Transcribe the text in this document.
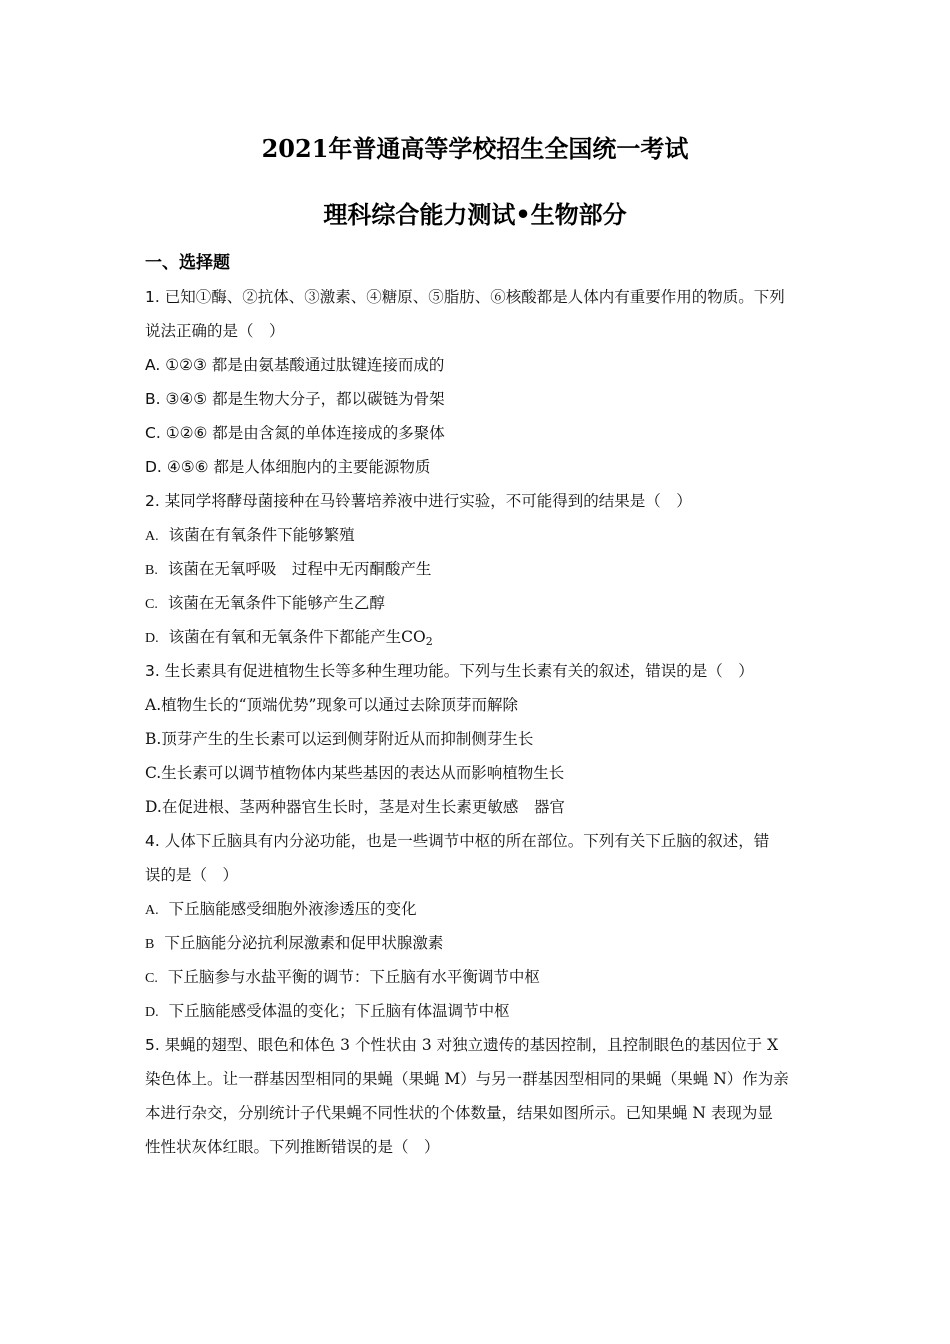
2021年普通高等学校招生全国统一考试
理科综合能力测试•生物部分
一、选择题
1. 已知①酶、②抗体、③激素、④糖原、⑤脂肪、⑥核酸都是人体内有重要作用的物质。下列
说法正确的是（　）
A. ①②③ 都是由氨基酸通过肽键连接而成的
B. ③④⑤ 都是生物大分子，都以碳链为骨架
C. ①②⑥ 都是由含氮的单体连接成的多聚体
D. ④⑤⑥ 都是人体细胞内的主要能源物质
2. 某同学将酵母菌接种在马铃薯培养液中进行实验，不可能得到的结果是（　）
A. 该菌在有氧条件下能够繁殖
B. 该菌在无氧呼吸　过程中无丙酮酸产生
C. 该菌在无氧条件下能够产生乙醇
D. 该菌在有氧和无氧条件下都能产生$CO_2$
3. 生长素具有促进植物生长等多种生理功能。下列与生长素有关的叙述，错误的是（　）
A.植物生长的“顶端优势”现象可以通过去除顶芽而解除
B.顶芽产生的生长素可以运到侧芽附近从而抑制侧芽生长
C.生长素可以调节植物体内某些基因的表达从而影响植物生长
D.在促进根、茎两种器官生长时，茎是对生长素更敏感　器官
4. 人体下丘脑具有内分泌功能，也是一些调节中枢的所在部位。下列有关下丘脑的叙述，错
误的是（　）
A. 下丘脑能感受细胞外液渗透压的变化
B 下丘脑能分泌抗利尿激素和促甲状腺激素
C. 下丘脑参与水盐平衡的调节：下丘脑有水平衡调节中枢
D. 下丘脑能感受体温的变化；下丘脑有体温调节中枢
5. 果蝇的翅型、眼色和体色 3 个性状由 3 对独立遗传的基因控制，且控制眼色的基因位于 X
染色体上。让一群基因型相同的果蝇（果蝇 M）与另一群基因型相同的果蝇（果蝇 N）作为亲
本进行杂交，分别统计子代果蝇不同性状的个体数量，结果如图所示。已知果蝇 N 表现为显
性性状灰体红眼。下列推断错误的是（　）
